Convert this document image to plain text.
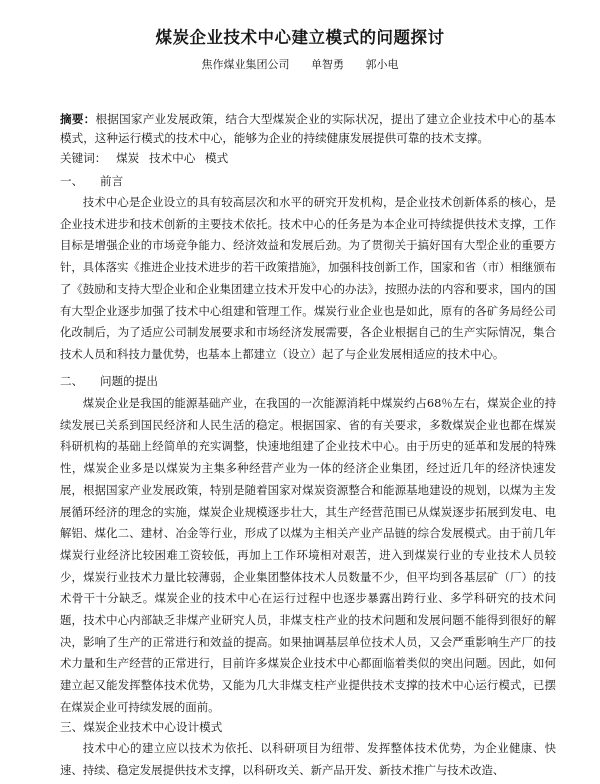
煤炭企业技术中心建立模式的问题探讨
焦作煤业集团公司 单智勇 郭小电
摘要：根据国家产业发展政策，结合大型煤炭企业的实际状况，提出了建立企业技术中心的基本模式，这种运行模式的技术中心，能够为企业的持续健康发展提供可靠的技术支撑。
关键词： 煤炭 技术中心 模式
一、 前言

技术中心是企业设立的具有较高层次和水平的研究开发机构，是企业技术创新体系的核心，是企业技术进步和技术创新的主要技术依托。技术中心的任务是为本企业可持续提供技术支撑，工作目标是增强企业的市场竞争能力、经济效益和发展后劲。为了贯彻关于搞好国有大型企业的重要方针，具体落实《推进企业技术进步的若干政策措施》，加强科技创新工作，国家和省（市）相继颁布了《鼓励和支持大型企业和企业集团建立技术开发中心的办法》，按照办法的内容和要求，国内的国有大型企业逐步加强了技术中心组建和管理工作。煤炭行业企业也是如此，原有的各矿务局经公司化改制后，为了适应公司制发展要求和市场经济发展需要，各企业根据自己的生产实际情况，集合技术人员和科技力量优势，也基本上都建立（设立）起了与企业发展相适应的技术中心。

二、 问题的提出

煤炭企业是我国的能源基础产业，在我国的一次能源消耗中煤炭约占68％左右，煤炭企业的持续发展已关系到国民经济和人民生活的稳定。根据国家、省的有关要求，多数煤炭企业也都在煤炭科研机构的基础上经简单的充实调整，快速地组建了企业技术中心。由于历史的延革和发展的特殊性，煤炭企业多是以煤炭为主集多种经营产业为一体的经济企业集团，经过近几年的经济快速发展，根据国家产业发展政策，特别是随着国家对煤炭资源整合和能源基地建设的规划，以煤为主发展循环经济的理念的实施，煤炭企业规模逐步壮大，其生产经营范围已从煤炭逐步拓展到发电、电解铝、煤化二、建材、冶金等行业，形成了以煤为主相关产业产品链的综合发展模式。由于前几年煤炭行业经济比较困难工资较低，再加上工作环境相对艰苦，进入到煤炭行业的专业技术人员较少，煤炭行业技术力量比较薄弱，企业集团整体技术人员数量不少，但平均到各基层矿（厂）的技术骨干十分缺乏。煤炭企业的技术中心在运行过程中也逐步暴露出跨行业、多学科研究的技术问题，技术中心内部缺乏非煤产业研究人员，非煤支柱产业的技术问题和发展问题不能得到很好的解决，影响了生产的正常进行和效益的提高。如果抽调基层单位技术人员，又会严重影响生产厂的技术力量和生产经营的正常进行，目前许多煤炭企业技术中心都面临着类似的突出问题。因此，如何建立起又能发挥整体技术优势，又能为几大非煤支柱产业提供技术支撑的技术中心运行模式，已摆在煤炭企业可持续发展的面前。

三、煤炭企业技术中心设计模式

技术中心的建立应以技术为依托、以科研项目为纽带、发挥整体技术优势，为企业健康、快速、持续、稳定发展提供技术支撑，以科研攻关、新产品开发、新技术推广与技术改造、
